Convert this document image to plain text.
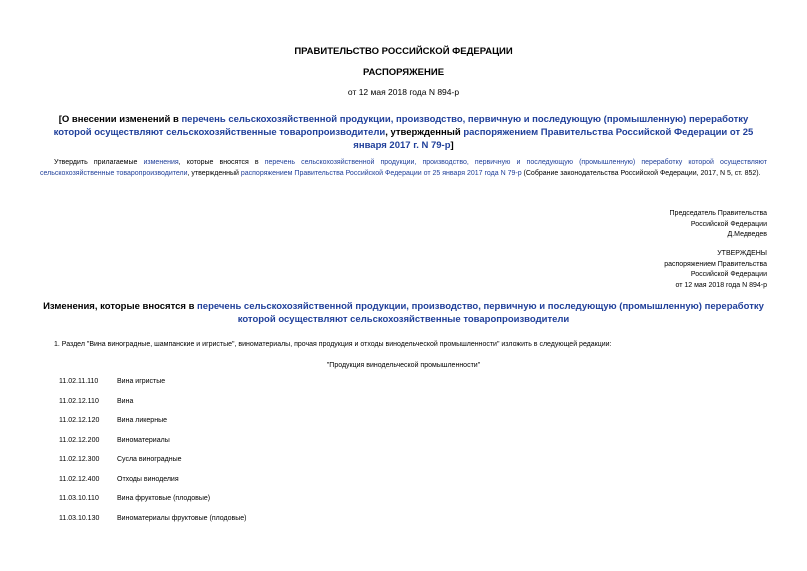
ПРАВИТЕЛЬСТВО РОССИЙСКОЙ ФЕДЕРАЦИИ
РАСПОРЯЖЕНИЕ
от 12 мая 2018 года N 894-р
[О внесении изменений в перечень сельскохозяйственной продукции, производство, первичную и последующую (промышленную) переработку которой осуществляют сельскохозяйственные товаропроизводители, утвержденный распоряжением Правительства Российской Федерации от 25 января 2017 г. N 79-р]
Утвердить прилагаемые изменения, которые вносятся в перечень сельскохозяйственной продукции, производство, первичную и последующую (промышленную) переработку которой осуществляют сельскохозяйственные товаропроизводители, утвержденный распоряжением Правительства Российской Федерации от 25 января 2017 года N 79-р (Собрание законодательства Российской Федерации, 2017, N 5, ст. 852).
Председатель Правительства
Российской Федерации
Д.Медведев
УТВЕРЖДЕНЫ
распоряжением Правительства
Российской Федерации
от 12 мая 2018 года N 894-р
Изменения, которые вносятся в перечень сельскохозяйственной продукции, производство, первичную и последующую (промышленную) переработку которой осуществляют сельскохозяйственные товаропроизводители
1. Раздел "Вина виноградные, шампанские и игристые", виноматериалы, прочая продукция и отходы винодельческой промышленности" изложить в следующей редакции:
"Продукция винодельческой промышленности"
11.02.11.110	Вина игристые
11.02.12.110	Вина
11.02.12.120	Вина ликерные
11.02.12.200	Виноматериалы
11.02.12.300	Сусла виноградные
11.02.12.400	Отходы виноделия
11.03.10.110	Вина фруктовые (плодовые)
11.03.10.130	Виноматериалы фруктовые (плодовые)
